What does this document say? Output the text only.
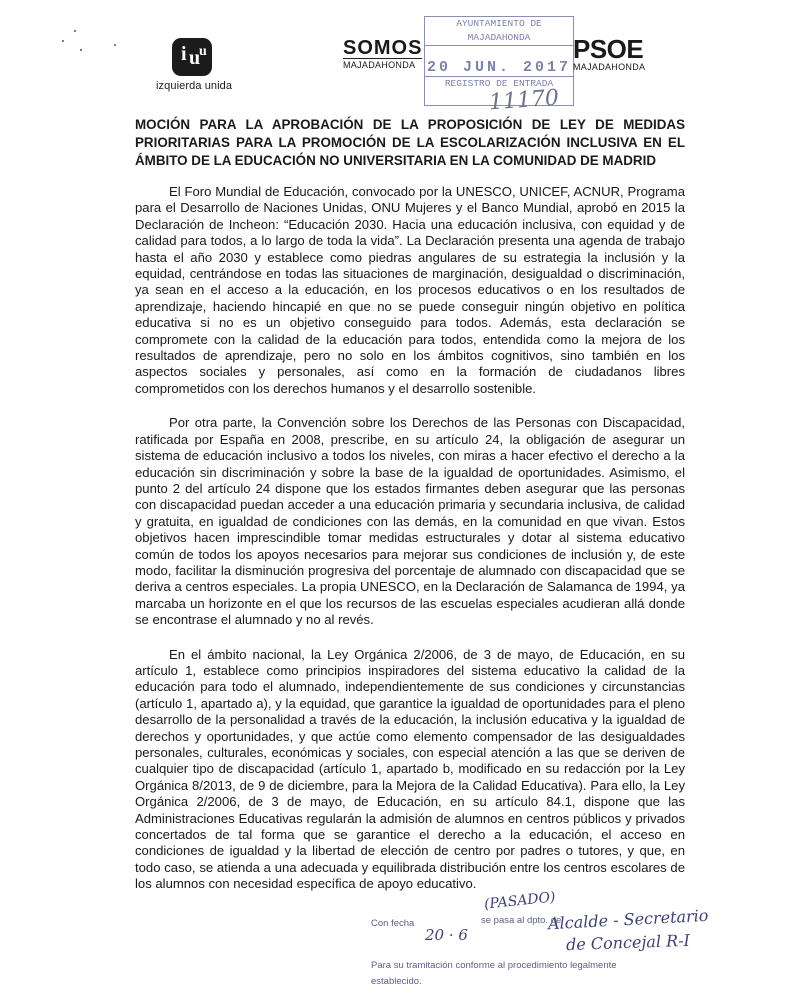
i u
u
izquierda unida
SOMOS
MAJADAHONDA
AYUNTAMIENTO DE MAJADAHONDA
20 JUN. 2017
REGISTRO DE ENTRADA
11170
PSOE
MAJADAHONDA
MOCIÓN PARA LA APROBACIÓN DE LA PROPOSICIÓN DE LEY DE MEDIDAS PRIORITARIAS PARA LA PROMOCIÓN DE LA ESCOLARIZACIÓN INCLUSIVA EN EL ÁMBITO DE LA EDUCACIÓN NO UNIVERSITARIA EN LA COMUNIDAD DE MADRID

El Foro Mundial de Educación, convocado por la UNESCO, UNICEF, ACNUR, Programa para el Desarrollo de Naciones Unidas, ONU Mujeres y el Banco Mundial, aprobó en 2015 la Declaración de Incheon: “Educación 2030. Hacia una educación inclusiva, con equidad y de calidad para todos, a lo largo de toda la vida”. La Declaración presenta una agenda de trabajo hasta el año 2030 y establece como piedras angulares de su estrategia la inclusión y la equidad, centrándose en todas las situaciones de marginación, desigualdad o discriminación, ya sean en el acceso a la educación, en los procesos educativos o en los resultados de aprendizaje, haciendo hincapié en que no se puede conseguir ningún objetivo en política educativa si no es un objetivo conseguido para todos. Además, esta declaración se compromete con la calidad de la educación para todos, entendida como la mejora de los resultados de aprendizaje, pero no solo en los ámbitos cognitivos, sino también en los aspectos sociales y personales, así como en la formación de ciudadanos libres comprometidos con los derechos humanos y el desarrollo sostenible.

Por otra parte, la Convención sobre los Derechos de las Personas con Discapacidad, ratificada por España en 2008, prescribe, en su artículo 24, la obligación de asegurar un sistema de educación inclusivo a todos los niveles, con miras a hacer efectivo el derecho a la educación sin discriminación y sobre la base de la igualdad de oportunidades. Asimismo, el punto 2 del artículo 24 dispone que los estados firmantes deben asegurar que las personas con discapacidad puedan acceder a una educación primaria y secundaria inclusiva, de calidad y gratuita, en igualdad de condiciones con las demás, en la comunidad en que vivan. Estos objetivos hacen imprescindible tomar medidas estructurales y dotar al sistema educativo común de todos los apoyos necesarios para mejorar sus condiciones de inclusión y, de este modo, facilitar la disminución progresiva del porcentaje de alumnado con discapacidad que se deriva a centros especiales. La propia UNESCO, en la Declaración de Salamanca de 1994, ya marcaba un horizonte en el que los recursos de las escuelas especiales acudieran allá donde se encontrase el alumnado y no al revés.

En el ámbito nacional, la Ley Orgánica 2/2006, de 3 de mayo, de Educación, en su artículo 1, establece como principios inspiradores del sistema educativo la calidad de la educación para todo el alumnado, independientemente de sus condiciones y circunstancias (artículo 1, apartado a), y la equidad, que garantice la igualdad de oportunidades para el pleno desarrollo de la personalidad a través de la educación, la inclusión educativa y la igualdad de derechos y oportunidades, y que actúe como elemento compensador de las desigualdades personales, culturales, económicas y sociales, con especial atención a las que se deriven de cualquier tipo de discapacidad (artículo 1, apartado b, modificado en su redacción por la Ley Orgánica 8/2013, de 9 de diciembre, para la Mejora de la Calidad Educativa). Para ello, la Ley Orgánica 2/2006, de 3 de mayo, de Educación, en su artículo 84.1, dispone que las Administraciones Educativas regularán la admisión de alumnos en centros públicos y privados concertados de tal forma que se garantice el derecho a la educación, el acceso en condiciones de igualdad y la libertad de elección de centro por padres o tutores, y que, en todo caso, se atienda a una adecuada y equilibrada distribución entre los centros escolares de los alumnos con necesidad específica de apoyo educativo.

Con fecha
20 · 6
se pasa al dpto. de
(PASADO)
Alcalde - Secretario
de Concejal R-I
Para su tramitación conforme al procedimiento legalmente
establecido.
